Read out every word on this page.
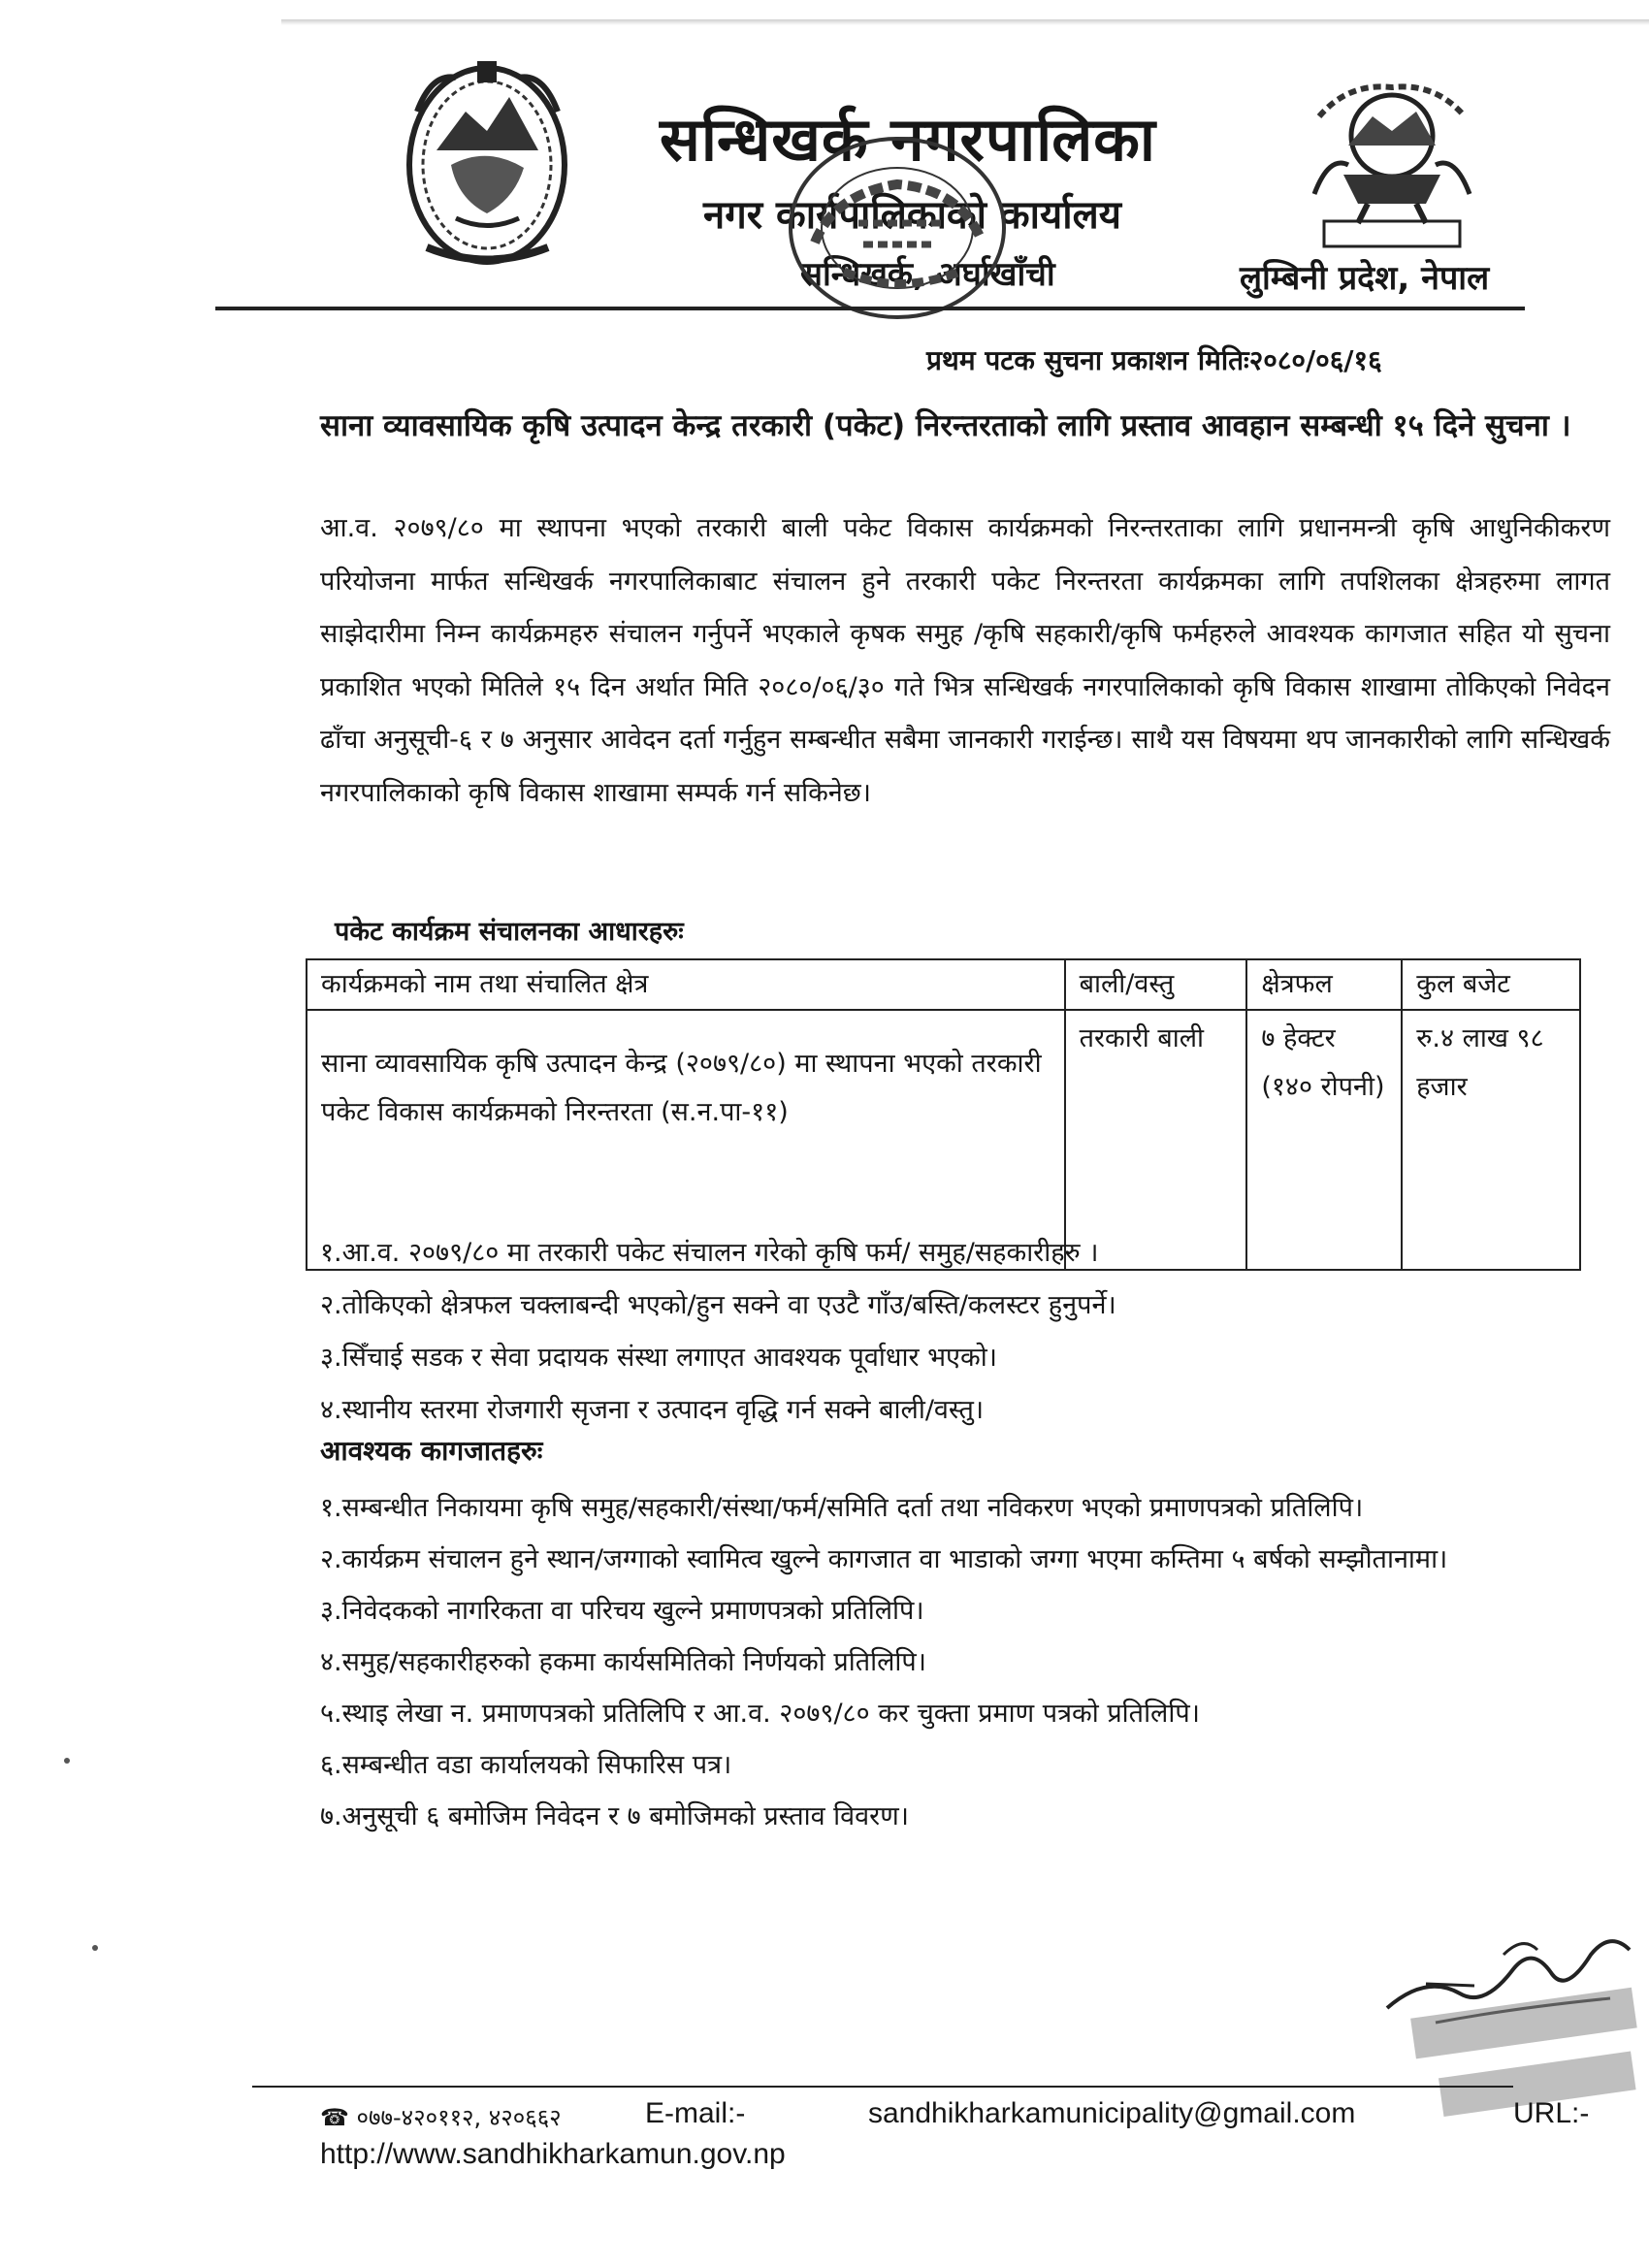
सन्धिखर्क नगरपालिका
नगर कार्यपालिकाको कार्यालय
सन्धिखर्क, अर्घाखाँची	लुम्बिनी प्रदेश, नेपाल
प्रथम पटक सुचना प्रकाशन मितिः२०८०/०६/१६
साना व्यावसायिक कृषि उत्पादन केन्द्र तरकारी (पकेट) निरन्तरताको लागि प्रस्ताव आवहान सम्बन्धी १५ दिने सुचना ।
आ.व. २०७९/८० मा स्थापना भएको तरकारी बाली पकेट विकास कार्यक्रमको निरन्तरताका लागि प्रधानमन्त्री कृषि आधुनिकीकरण परियोजना मार्फत सन्धिखर्क नगरपालिकाबाट संचालन हुने तरकारी पकेट निरन्तरता कार्यक्रमका लागि तपशिलका क्षेत्रहरुमा लागत साझेदारीमा निम्न कार्यक्रमहरु संचालन गर्नुपर्ने भएकाले कृषक समुह /कृषि सहकारी/कृषि फर्महरुले आवश्यक कागजात सहित यो सुचना प्रकाशित भएको मितिले १५ दिन अर्थात मिति २०८०/०६/३० गते भित्र सन्धिखर्क नगरपालिकाको कृषि विकास शाखामा तोकिएको निवेदन ढाँचा अनुसूची-६ र ७ अनुसार आवेदन दर्ता गर्नुहुन सम्बन्धीत सबैमा जानकारी गराईन्छ। साथै यस विषयमा थप जानकारीको लागि सन्धिखर्क नगरपालिकाको कृषि विकास शाखामा सम्पर्क गर्न सकिनेछ।
पकेट कार्यक्रम संचालनका आधारहरुः
कार्यक्रमको नाम तथा संचालित क्षेत्र	बाली/वस्तु	क्षेत्रफल	कुल बजेट
साना व्यावसायिक कृषि उत्पादन केन्द्र (२०७९/८०) मा स्थापना भएको तरकारी पकेट विकास कार्यक्रमको निरन्तरता (स.न.पा-११)	तरकारी बाली	७ हेक्टर (१४० रोपनी)	रु.४ लाख ९८ हजार
१.आ.व. २०७९/८० मा तरकारी पकेट संचालन गरेको कृषि फर्म/ समुह/सहकारीहरु ।
२.तोकिएको क्षेत्रफल चक्लाबन्दी भएको/हुन सक्ने वा एउटै गाँउ/बस्ति/कलस्टर हुनुपर्ने।
३.सिँचाई सडक र सेवा प्रदायक संस्था लगाएत आवश्यक पूर्वाधार भएको।
४.स्थानीय स्तरमा रोजगारी सृजना र उत्पादन वृद्धि गर्न सक्ने बाली/वस्तु।
आवश्यक कागजातहरुः
१.सम्बन्धीत निकायमा कृषि समुह/सहकारी/संस्था/फर्म/समिति दर्ता तथा नविकरण भएको प्रमाणपत्रको प्रतिलिपि।
२.कार्यक्रम संचालन हुने स्थान/जग्गाको स्वामित्व खुल्ने कागजात वा भाडाको जग्गा भएमा कम्तिमा ५ बर्षको सम्झौतानामा।
३.निवेदकको नागरिकता वा परिचय खुल्ने प्रमाणपत्रको प्रतिलिपि।
४.समुह/सहकारीहरुको हकमा कार्यसमितिको निर्णयको प्रतिलिपि।
५.स्थाइ लेखा न. प्रमाणपत्रको प्रतिलिपि र आ.व. २०७९/८० कर चुक्ता प्रमाण पत्रको प्रतिलिपि।
६.सम्बन्धीत वडा कार्यालयको सिफारिस पत्र।
७.अनुसूची ६ बमोजिम निवेदन र ७ बमोजिमको प्रस्ताव विवरण।
☎ ०७७-४२०११२, ४२०६६२	E-mail:-	sandhikharkamunicipality@gmail.com	URL:-
http://www.sandhikharkamun.gov.np
